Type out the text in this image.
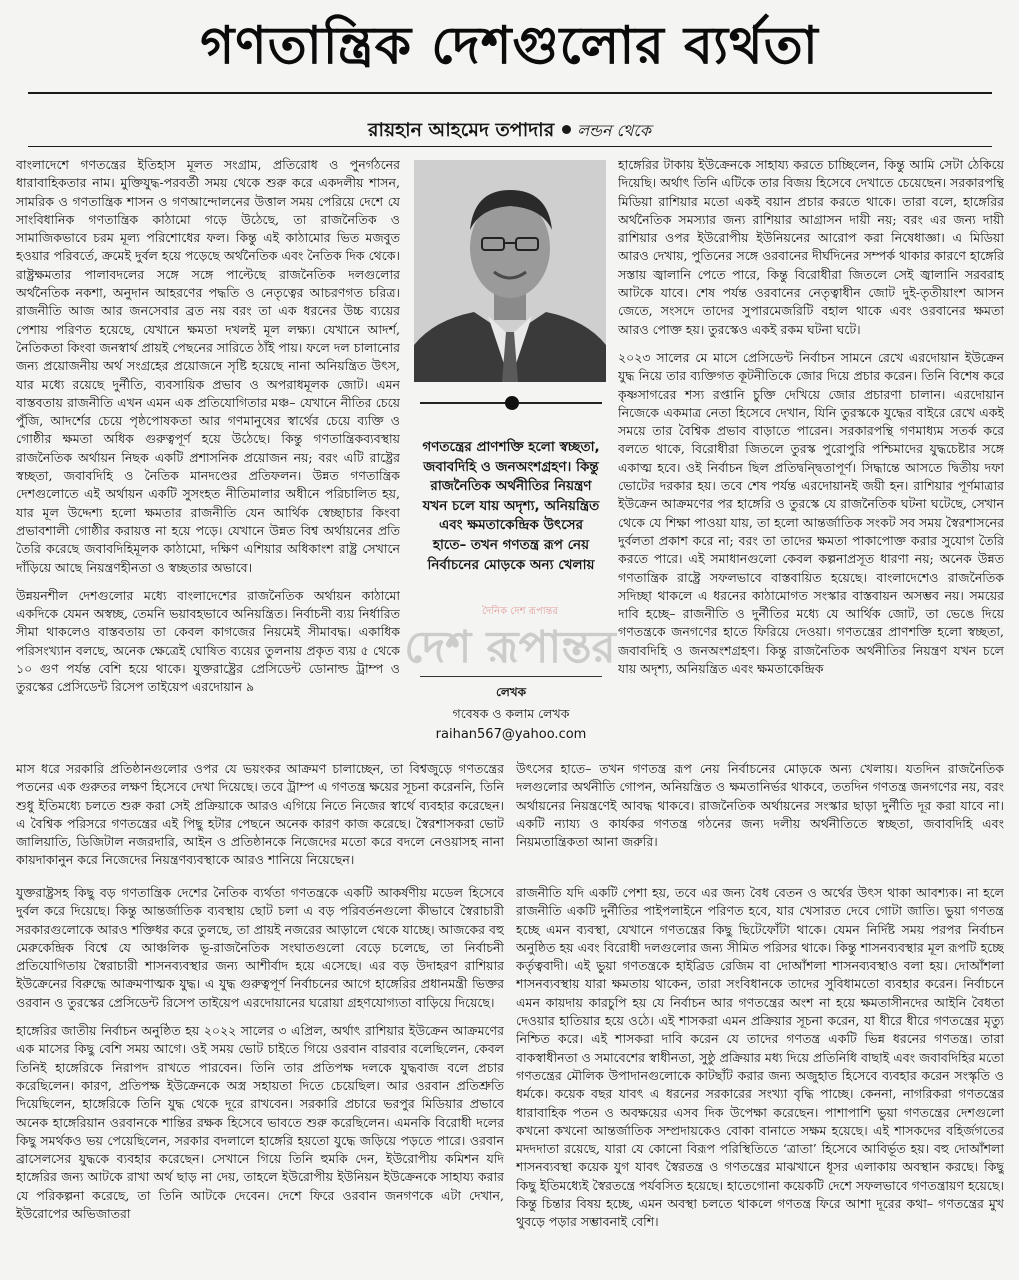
গণতান্ত্রিক দেশগুলোর ব্যর্থতা
রায়হান আহমেদ তপাদার লন্ডন থেকে

বাংলাদেশে গণতন্ত্রের ইতিহাস মূলত সংগ্রাম, প্রতিরোধ ও পুনর্গঠনের ধারাবাহিকতার নাম। মুক্তিযুদ্ধ-পরবর্তী সময় থেকে শুরু করে একদলীয় শাসন, সামরিক ও গণতান্ত্রিক শাসন ও গণআন্দোলনের উত্তাল সময় পেরিয়ে দেশে যে সাংবিধানিক গণতান্ত্রিক কাঠামো গড়ে উঠেছে, তা রাজনৈতিক ও সামাজিকভাবে চরম মূল্য পরিশোধের ফল। কিন্তু এই কাঠামোর ভিত মজবুত হওয়ার পরিবর্তে, ক্রমেই দুর্বল হয়ে পড়েছে অর্থনৈতিক এবং নৈতিক দিক থেকে। রাষ্ট্রক্ষমতার পালাবদলের সঙ্গে সঙ্গে পাল্টেছে রাজনৈতিক দলগুলোর অর্থনৈতিক নকশা, অনুদান আহরণের পদ্ধতি ও নেতৃত্বের আচরণগত চরিত্র। রাজনীতি আজ আর জনসেবার ব্রত নয় বরং তা এক ধরনের উচ্চ ব্যয়ের পেশায় পরিণত হয়েছে, যেখানে ক্ষমতা দখলই মূল লক্ষ্য। যেখানে আদর্শ, নৈতিকতা কিংবা জনস্বার্থ প্রায়ই পেছনের সারিতে ঠাঁই পায়। ফলে দল চালানোর জন্য প্রয়োজনীয় অর্থ সংগ্রহের প্রয়োজনে সৃষ্টি হয়েছে নানা অনিয়ন্ত্রিত উৎস, যার মধ্যে রয়েছে দুর্নীতি, ব্যবসায়িক প্রভাব ও অপরাধমূলক জোট। এমন বাস্তবতায় রাজনীতি এখন এমন এক প্রতিযোগিতার মঞ্চ– যেখানে নীতির চেয়ে পুঁজি, আদর্শের চেয়ে পৃষ্ঠপোষকতা আর গণমানুষের স্বার্থের চেয়ে ব্যক্তি ও গোষ্ঠীর ক্ষমতা অধিক গুরুত্বপূর্ণ হয়ে উঠেছে। কিন্তু গণতান্ত্রিকব্যবস্থায় রাজনৈতিক অর্থায়ন নিছক একটি প্রশাসনিক প্রয়োজন নয়; বরং এটি রাষ্ট্রের স্বচ্ছতা, জবাবদিহি ও নৈতিক মানদণ্ডের প্রতিফলন। উন্নত গণতান্ত্রিক দেশগুলোতে এই অর্থায়ন একটি সুসংহত নীতিমালার অধীনে পরিচালিত হয়, যার মূল উদ্দেশ্য হলো ক্ষমতার রাজনীতি যেন আর্থিক স্বেচ্ছাচার কিংবা প্রভাবশালী গোষ্ঠীর করায়ত্ত না হয়ে পড়ে। যেখানে উন্নত বিশ্ব অর্থায়নের প্রতি তৈরি করেছে জবাবদিহিমূলক কাঠামো, দক্ষিণ এশিয়ার অধিকাংশ রাষ্ট্র সেখানে দাঁড়িয়ে আছে নিয়ন্ত্রণহীনতা ও স্বচ্ছতার অভাবে।

উন্নয়নশীল দেশগুলোর মধ্যে বাংলাদেশের রাজনৈতিক অর্থায়ন কাঠামো একদিকে যেমন অস্বচ্ছ, তেমনি ভয়াবহভাবে অনিয়ন্ত্রিত। নির্বাচনী ব্যয় নির্ধারিত সীমা থাকলেও বাস্তবতায় তা কেবল কাগজের নিয়মেই সীমাবদ্ধ। একাধিক পরিসংখ্যান বলছে, অনেক ক্ষেত্রেই ঘোষিত ব্যয়ের তুলনায় প্রকৃত ব্যয় ৫ থেকে ১০ গুণ পর্যন্ত বেশি হয়ে থাকে। যুক্তরাষ্ট্রের প্রেসিডেন্ট ডোনাল্ড ট্রাম্প ও তুরস্কের প্রেসিডেন্ট রিসেপ তাইয়েপ এরদোয়ান ৯

গণতন্ত্রের প্রাণশক্তি হলো স্বচ্ছতা, জবাবদিহি ও জনঅংশগ্রহণ। কিন্তু রাজনৈতিক অর্থনীতির নিয়ন্ত্রণ যখন চলে যায় অদৃশ্য, অনিয়ন্ত্রিত এবং ক্ষমতাকেন্দ্রিক উৎসের হাতে– তখন গণতন্ত্র রূপ নেয় নির্বাচনের মোড়কে অন্য খেলায়
লেখক
গবেষক ও কলাম লেখক
raihan567@yahoo.com

হাঙ্গেরির টাকায় ইউক্রেনকে সাহায্য করতে চাচ্ছিলেন, কিন্তু আমি সেটা ঠেকিয়ে দিয়েছি। অর্থাৎ তিনি এটিকে তার বিজয় হিসেবে দেখাতে চেয়েছেন। সরকারপন্থি মিডিয়া রাশিয়ার মতো একই বয়ান প্রচার করতে থাকে। তারা বলে, হাঙ্গেরির অর্থনৈতিক সমস্যার জন্য রাশিয়ার আগ্রাসন দায়ী নয়; বরং এর জন্য দায়ী রাশিয়ার ওপর ইউরোপীয় ইউনিয়নের আরোপ করা নিষেধাজ্ঞা। এ মিডিয়া আরও দেখায়, পুতিনের সঙ্গে ওরবানের দীর্ঘদিনের সম্পর্ক থাকার কারণে হাঙ্গেরি সস্তায় জ্বালানি পেতে পারে, কিন্তু বিরোধীরা জিতলে সেই জ্বালানি সরবরাহ আটকে যাবে। শেষ পর্যন্ত ওরবানের নেতৃত্বাধীন জোট দুই-তৃতীয়াংশ আসন জেতে, সংসদে তাদের সুপারমেজরিটি বহাল থাকে এবং ওরবানের ক্ষমতা আরও পোক্ত হয়। তুরস্কেও একই রকম ঘটনা ঘটে।

২০২৩ সালের মে মাসে প্রেসিডেন্ট নির্বাচন সামনে রেখে এরদোয়ান ইউক্রেন যুদ্ধ নিয়ে তার ব্যক্তিগত কূটনীতিকে জোর দিয়ে প্রচার করেন। তিনি বিশেষ করে কৃষ্ণসাগরের শস্য রপ্তানি চুক্তি দেখিয়ে জোর প্রচারণা চালান। এরদোয়ান নিজেকে একমাত্র নেতা হিসেবে দেখান, যিনি তুরস্ককে যুদ্ধের বাইরে রেখে একই সময়ে তার বৈশ্বিক প্রভাব বাড়াতে পারেন। সরকারপন্থি গণমাধ্যম সতর্ক করে বলতে থাকে, বিরোধীরা জিতলে তুরস্ক পুরোপুরি পশ্চিমাদের যুদ্ধচেষ্টার সঙ্গে একাত্ম হবে। ওই নির্বাচন ছিল প্রতিদ্বন্দ্বিতাপূর্ণ। সিদ্ধান্তে আসতে দ্বিতীয় দফা ভোটের দরকার হয়। তবে শেষ পর্যন্ত এরদোয়ানই জয়ী হন। রাশিয়ার পূর্ণমাত্রার ইউক্রেন আক্রমণের পর হাঙ্গেরি ও তুরস্কে যে রাজনৈতিক ঘটনা ঘটেছে, সেখান থেকে যে শিক্ষা পাওয়া যায়, তা হলো আন্তর্জাতিক সংকট সব সময় স্বৈরশাসনের দুর্বলতা প্রকাশ করে না; বরং তা তাদের ক্ষমতা পাকাপোক্ত করার সুযোগ তৈরি করতে পারে। এই সমাধানগুলো কেবল কল্পনাপ্রসূত ধারণা নয়; অনেক উন্নত গণতান্ত্রিক রাষ্ট্রে সফলভাবে বাস্তবায়িত হয়েছে। বাংলাদেশেও রাজনৈতিক সদিচ্ছা থাকলে এ ধরনের কাঠামোগত সংস্কার বাস্তবায়ন অসম্ভব নয়। সময়ের দাবি হচ্ছে– রাজনীতি ও দুর্নীতির মধ্যে যে আর্থিক জোট, তা ভেঙে দিয়ে গণতন্ত্রকে জনগণের হাতে ফিরিয়ে দেওয়া। গণতন্ত্রের প্রাণশক্তি হলো স্বচ্ছতা, জবাবদিহি ও জনঅংশগ্রহণ। কিন্তু রাজনৈতিক অর্থনীতির নিয়ন্ত্রণ যখন চলে যায় অদৃশ্য, অনিয়ন্ত্রিত এবং ক্ষমতাকেন্দ্রিক

মাস ধরে সরকারি প্রতিষ্ঠানগুলোর ওপর যে ভয়ংকর আক্রমণ চালাচ্ছেন, তা বিশ্বজুড়ে গণতন্ত্রের পতনের এক গুরুতর লক্ষণ হিসেবে দেখা দিয়েছে। তবে ট্রাম্প এ গণতন্ত্র ক্ষয়ের সূচনা করেননি, তিনি শুধু ইতিমধ্যে চলতে শুরু করা সেই প্রক্রিয়াকে আরও এগিয়ে নিতে নিজের স্বার্থে ব্যবহার করেছেন। এ বৈশ্বিক পরিসরে গণতন্ত্রের এই পিছু হটার পেছনে অনেক কারণ কাজ করেছে। স্বৈরশাসকরা ভোট জালিয়াতি, ডিজিটাল নজরদারি, আইন ও প্রতিষ্ঠানকে নিজেদের মতো করে বদলে নেওয়াসহ নানা কায়দাকানুন করে নিজেদের নিয়ন্ত্রণব্যবস্থাকে আরও শানিয়ে নিয়েছেন।

উৎসের হাতে– তখন গণতন্ত্র রূপ নেয় নির্বাচনের মোড়কে অন্য খেলায়। যতদিন রাজনৈতিক দলগুলোর অর্থনীতি গোপন, অনিয়ন্ত্রিত ও ক্ষমতানির্ভর থাকবে, ততদিন গণতন্ত্র জনগণের নয়, বরং অর্থায়নের নিয়ন্ত্রণেই আবদ্ধ থাকবে। রাজনৈতিক অর্থায়নের সংস্কার ছাড়া দুর্নীতি দূর করা যাবে না। একটি ন্যায্য ও কার্যকর গণতন্ত্র গঠনের জন্য দলীয় অর্থনীতিতে স্বচ্ছতা, জবাবদিহি এবং নিয়মতান্ত্রিকতা আনা জরুরি।

যুক্তরাষ্ট্রসহ কিছু বড় গণতান্ত্রিক দেশের নৈতিক ব্যর্থতা গণতন্ত্রকে একটি আকর্ষণীয় মডেল হিসেবে দুর্বল করে দিয়েছে। কিন্তু আন্তর্জাতিক ব্যবস্থায় ছোট চলা এ বড় পরিবর্তনগুলো কীভাবে স্বৈরাচারী সরকারগুলোকে আরও শক্তিধর করে তুলছে, তা প্রায়ই নজরের আড়ালে থেকে যাচ্ছে। আজকের বহু মেরুকেন্দ্রিক বিশ্বে যে আঞ্চলিক ভূ-রাজনৈতিক সংঘাতগুলো বেড়ে চলেছে, তা নির্বাচনী প্রতিযোগিতায় স্বৈরাচারী শাসনব্যবস্থার জন্য আশীর্বাদ হয়ে এসেছে। এর বড় উদাহরণ রাশিয়ার ইউক্রেনের বিরুদ্ধে আক্রমণাত্মক যুদ্ধ। এ যুদ্ধ গুরুত্বপূর্ণ নির্বাচনের আগে হাঙ্গেরির প্রধানমন্ত্রী ভিক্তর ওরবান ও তুরস্কের প্রেসিডেন্ট রিসেপ তাইয়েপ এরদোয়ানের ঘরোয়া গ্রহণযোগ্যতা বাড়িয়ে দিয়েছে।

হাঙ্গেরির জাতীয় নির্বাচন অনুষ্ঠিত হয় ২০২২ সালের ৩ এপ্রিল, অর্থাৎ রাশিয়ার ইউক্রেন আক্রমণের এক মাসের কিছু বেশি সময় আগে। ওই সময় ভোট চাইতে গিয়ে ওরবান বারবার বলেছিলেন, কেবল তিনিই হাঙ্গেরিকে নিরাপদ রাখতে পারবেন। তিনি তার প্রতিপক্ষ দলকে যুদ্ধবাজ বলে প্রচার করেছিলেন। কারণ, প্রতিপক্ষ ইউক্রেনকে অস্ত্র সহায়তা দিতে চেয়েছিল। আর ওরবান প্রতিশ্রুতি দিয়েছিলেন, হাঙ্গেরিকে তিনি যুদ্ধ থেকে দূরে রাখবেন। সরকারি প্রচারে ভরপুর মিডিয়ার প্রভাবে অনেক হাঙ্গেরিয়ান ওরবানকে শান্তির রক্ষক হিসেবে ভাবতে শুরু করেছিলেন। এমনকি বিরোধী দলের কিছু সমর্থকও ভয় পেয়েছিলেন, সরকার বদলালে হাঙ্গেরি হয়তো যুদ্ধে জড়িয়ে পড়তে পারে। ওরবান ব্রাসেলসের যুদ্ধকে ব্যবহার করেছেন। সেখানে গিয়ে তিনি হুমকি দেন, ইউরোপীয় কমিশন যদি হাঙ্গেরির জন্য আটকে রাখা অর্থ ছাড় না দেয়, তাহলে ইউরোপীয় ইউনিয়ন ইউক্রেনকে সাহায্য করার যে পরিকল্পনা করেছে, তা তিনি আটকে দেবেন। দেশে ফিরে ওরবান জনগণকে এটা দেখান, ইউরোপের অভিজাতরা

রাজনীতি যদি একটি পেশা হয়, তবে এর জন্য বৈধ বেতন ও অর্থের উৎস থাকা আবশ্যক। না হলে রাজনীতি একটি দুর্নীতির পাইপলাইনে পরিণত হবে, যার খেসারত দেবে গোটা জাতি। ভুয়া গণতন্ত্র হচ্ছে এমন ব্যবস্থা, যেখানে গণতন্ত্রের কিছু ছিটেফোঁটা থাকে। যেমন নির্দিষ্ট সময় পরপর নির্বাচন অনুষ্ঠিত হয় এবং বিরোধী দলগুলোর জন্য সীমিত পরিসর থাকে। কিন্তু শাসনব্যবস্থার মূল রূপটি হচ্ছে কর্তৃত্ববাদী। এই ভুয়া গণতন্ত্রকে হাইব্রিড রেজিম বা দোআঁশলা শাসনব্যবস্থাও বলা হয়। দোআঁশলা শাসনব্যবস্থায় যারা ক্ষমতায় থাকেন, তারা সংবিধানকে তাদের সুবিধামতো ব্যবহার করেন। নির্বাচনে এমন কায়দায় কারচুপি হয় যে নির্বাচন আর গণতন্ত্রের অংশ না হয়ে ক্ষমতাসীনদের আইনি বৈধতা দেওয়ার হাতিয়ার হয়ে ওঠে। এই শাসকরা এমন প্রক্রিয়ার সূচনা করেন, যা ধীরে ধীরে গণতন্ত্রের মৃত্যু নিশ্চিত করে। এই শাসকরা দাবি করেন যে তাদের গণতন্ত্র একটি ভিন্ন ধরনের গণতন্ত্র। তারা বাকস্বাধীনতা ও সমাবেশের স্বাধীনতা, সুষ্ঠু প্রক্রিয়ার মধ্য দিয়ে প্রতিনিধি বাছাই এবং জবাবদিহির মতো গণতন্ত্রের মৌলিক উপাদানগুলোকে কাটছাঁট করার জন্য অজুহাত হিসেবে ব্যবহার করেন সংস্কৃতি ও ধর্মকে। কয়েক বছর যাবৎ এ ধরনের সরকারের সংখ্যা বৃদ্ধি পাচ্ছে। কেননা, নাগরিকরা গণতন্ত্রের ধারাবাহিক পতন ও অবক্ষয়ের এসব দিক উপেক্ষা করেছেন। পাশাপাশি ভুয়া গণতন্ত্রের দেশগুলো কখনো কখনো আন্তর্জাতিক সম্প্রদায়কেও বোকা বানাতে সক্ষম হয়েছে। এই শাসকদের বহির্জগতের মদদদাতা রয়েছে, যারা যে কোনো বিরূপ পরিস্থিতিতে ‘ত্রাতা’ হিসেবে আবির্ভূত হয়। বহু দোআঁশলা শাসনব্যবস্থা কয়েক যুগ যাবৎ স্বৈরতন্ত্র ও গণতন্ত্রের মাঝখানে ধূসর এলাকায় অবস্থান করছে। কিছু কিছু ইতিমধ্যেই স্বৈরতন্ত্রে পর্যবসিত হয়েছে। হাতেগোনা কয়েকটি দেশে সফলভাবে গণতন্ত্রায়ণ হয়েছে। কিন্তু চিন্তার বিষয় হচ্ছে, এমন অবস্থা চলতে থাকলে গণতন্ত্র ফিরে আশা দূরের কথা– গণতন্ত্রের মুখ থুবড়ে পড়ার সম্ভাবনাই বেশি।

দৈনিক দেশ রূপান্তর
দেশ রূপান্তর
